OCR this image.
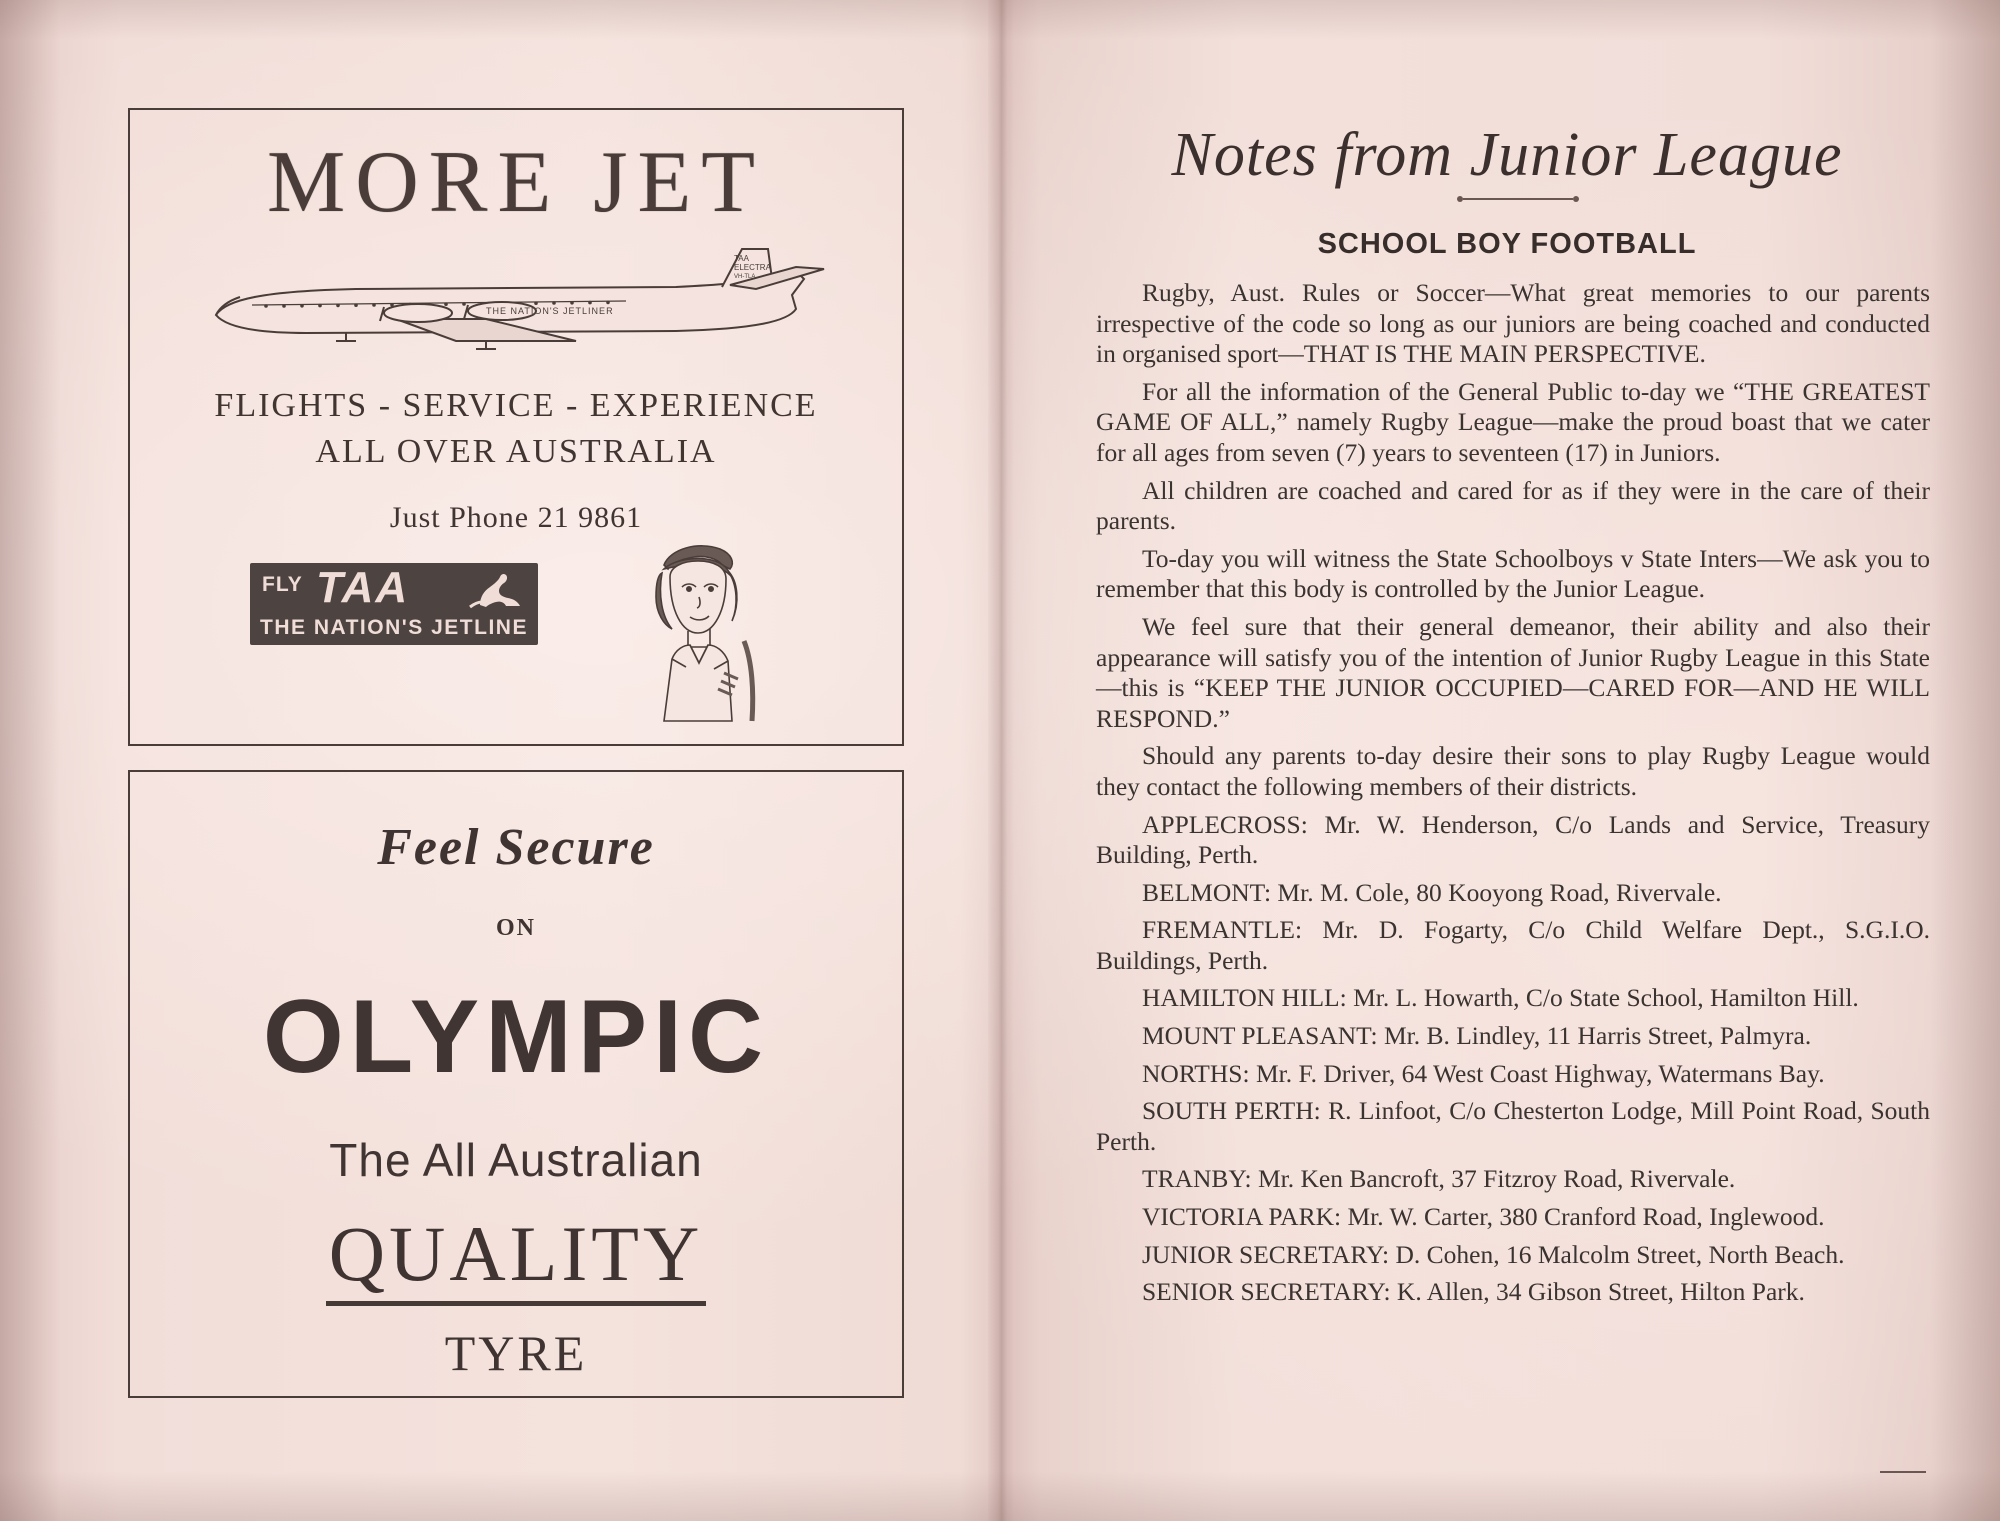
MORE JET
THE NATION'S JETLINER
TAA
ELECTRA
VH-TLA
FLIGHTS - SERVICE - EXPERIENCE
ALL OVER AUSTRALIA
Just Phone 21 9861
FLY TAA
THE NATION'S JETLINE
Feel Secure
ON
OLYMPIC
The All Australian
QUALITY
TYRE
Notes from Junior League
SCHOOL BOY FOOTBALL

Rugby, Aust. Rules or Soccer—What great memories to our parents irrespective of the code so long as our juniors are being coached and conducted in organised sport—THAT IS THE MAIN PERSPECTIVE.

For all the information of the General Public to-day we “THE GREATEST GAME OF ALL,” namely Rugby League—make the proud boast that we cater for all ages from seven (7) years to seventeen (17) in Juniors.

All children are coached and cared for as if they were in the care of their parents.

To-day you will witness the State Schoolboys v State Inters—We ask you to remember that this body is controlled by the Junior League.

We feel sure that their general demeanor, their ability and also their appearance will satisfy you of the intention of Junior Rugby League in this State—this is “KEEP THE JUNIOR OCCUPIED—CARED FOR—AND HE WILL RESPOND.”

Should any parents to-day desire their sons to play Rugby League would they contact the following members of their districts.

APPLECROSS: Mr. W. Henderson, C/o Lands and Service, Treasury Building, Perth.

BELMONT: Mr. M. Cole, 80 Kooyong Road, Rivervale.

FREMANTLE: Mr. D. Fogarty, C/o Child Welfare Dept., S.G.I.O. Buildings, Perth.

HAMILTON HILL: Mr. L. Howarth, C/o State School, Hamilton Hill.

MOUNT PLEASANT: Mr. B. Lindley, 11 Harris Street, Palmyra.

NORTHS: Mr. F. Driver, 64 West Coast Highway, Watermans Bay.

SOUTH PERTH: R. Linfoot, C/o Chesterton Lodge, Mill Point Road, South Perth.

TRANBY: Mr. Ken Bancroft, 37 Fitzroy Road, Rivervale.

VICTORIA PARK: Mr. W. Carter, 380 Cranford Road, Inglewood.

JUNIOR SECRETARY: D. Cohen, 16 Malcolm Street, North Beach.

SENIOR SECRETARY: K. Allen, 34 Gibson Street, Hilton Park.
